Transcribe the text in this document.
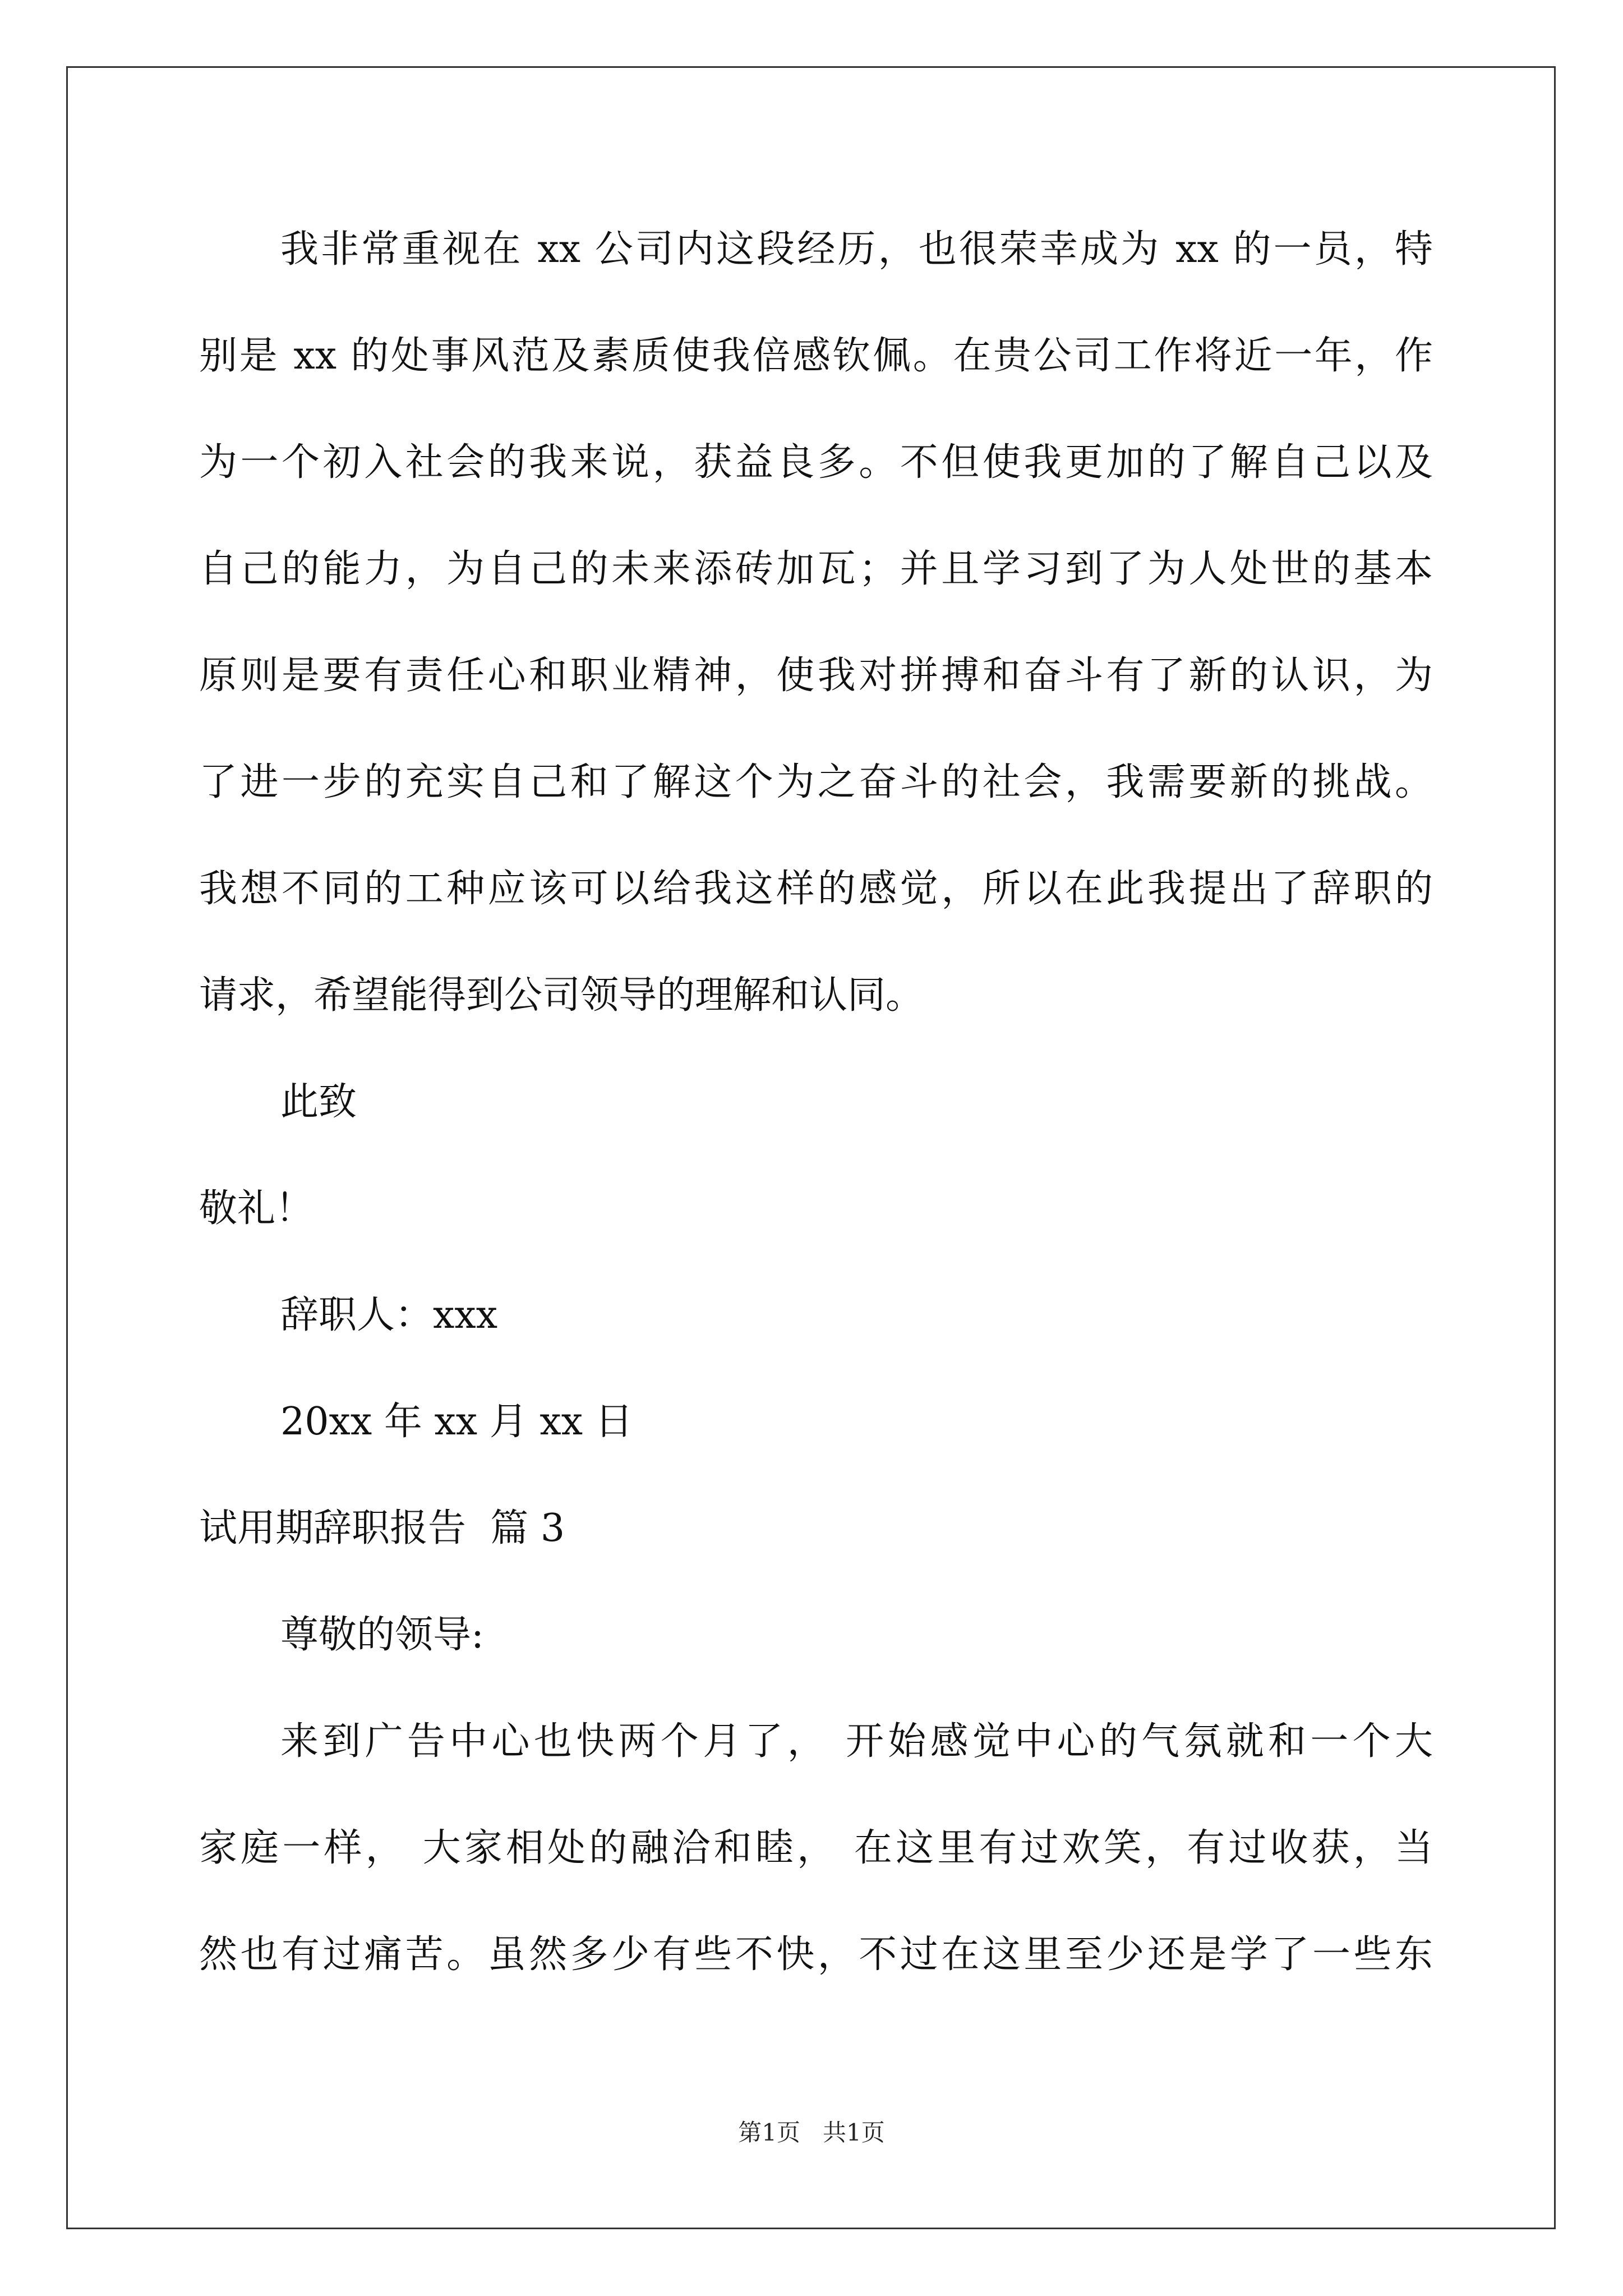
我非常重视在 xx 公司内这段经历，也很荣幸成为 xx 的一员，特
别是 xx 的处事风范及素质使我倍感钦佩。在贵公司工作将近一年，作
为一个初入社会的我来说，获益良多。不但使我更加的了解自己以及
自己的能力，为自己的未来添砖加瓦；并且学习到了为人处世的基本
原则是要有责任心和职业精神，使我对拼搏和奋斗有了新的认识，为
了进一步的充实自己和了解这个为之奋斗的社会，我需要新的挑战。
我想不同的工种应该可以给我这样的感觉，所以在此我提出了辞职的
请求，希望能得到公司领导的理解和认同。
此致
敬礼！
辞职人：xxx
20xx 年 xx 月 xx 日
试用期辞职报告  篇 3
尊敬的领导:
来到广告中心也快两个月了， 开始感觉中心的气氛就和一个大
家庭一样， 大家相处的融洽和睦， 在这里有过欢笑，有过收获，当
然也有过痛苦。虽然多少有些不快，不过在这里至少还是学了一些东
第1页   共1页
